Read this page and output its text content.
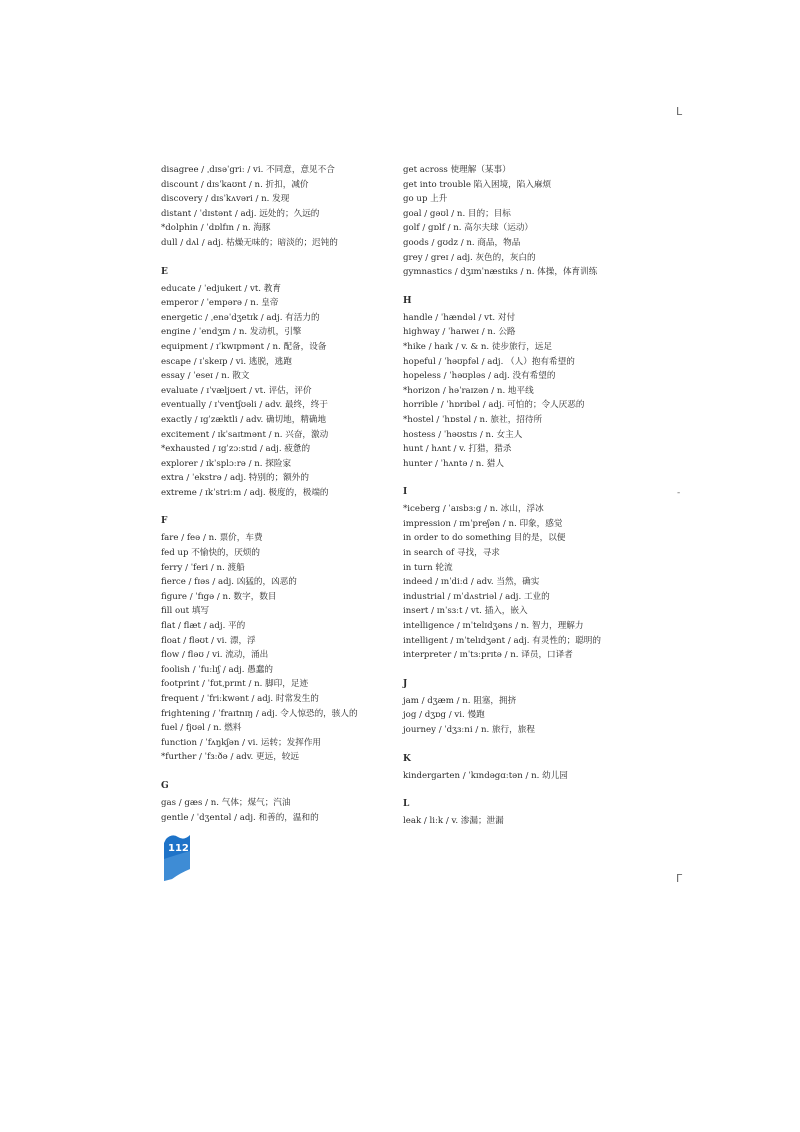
L
-
Γ
disagree / ˌdɪsəˈgriː / vi. 不同意，意见不合
discount / dɪsˈkaʊnt / n. 折扣，减价
discovery / dɪsˈkʌvəri / n. 发现
distant / ˈdɪstənt / adj. 远处的；久远的
*dolphin / ˈdɒlfɪn / n. 海豚
dull / dʌl / adj. 枯燥无味的；暗淡的；迟钝的
E
educate / ˈedjukeɪt / vt. 教育
emperor / ˈempərə / n. 皇帝
energetic / ˌenəˈdʒetɪk / adj. 有活力的
engine / ˈendʒɪn / n. 发动机，引擎
equipment / ɪˈkwɪpmənt / n. 配备，设备
escape / ɪˈskeɪp / vi. 逃脱，逃跑
essay / ˈeseɪ / n. 散文
evaluate / ɪˈvæljʊeɪt / vt. 评估，评价
eventually / ɪˈventʃʊəli / adv. 最终，终于
exactly / ɪgˈzæktli / adv. 确切地，精确地
excitement / ɪkˈsaɪtmənt / n. 兴奋，激动
*exhausted / ɪgˈzɔːstɪd / adj. 疲惫的
explorer / ɪkˈsplɔːrə / n. 探险家
extra / ˈekstrə / adj. 特别的；额外的
extreme / ɪkˈstriːm / adj. 极度的，极端的
F
fare / feə / n. 票价，车费
fed up 不愉快的，厌烦的
ferry / ˈferi / n. 渡船
fierce / fɪəs / adj. 凶猛的，凶恶的
figure / ˈfɪgə / n. 数字，数目
fill out 填写
flat / flæt / adj. 平的
float / fləʊt / vi. 漂，浮
flow / fləʊ / vi. 流动，涌出
foolish / ˈfuːlɪʃ / adj. 愚蠢的
footprint / ˈfʊtˌprɪnt / n. 脚印，足迹
frequent / ˈfriːkwənt / adj. 时常发生的
frightening / ˈfraɪtnɪŋ / adj. 令人惊恐的，骇人的
fuel / fjʊəl / n. 燃料
function / ˈfʌŋkʃən / vi. 运转；发挥作用
*further / ˈfɜːðə / adv. 更远，较远
G
gas / gæs / n. 气体；煤气；汽油
gentle / ˈdʒentəl / adj. 和善的，温和的
get across 使理解（某事）
get into trouble 陷入困境，陷入麻烦
go up 上升
goal / gəʊl / n. 目的；目标
golf / gɒlf / n. 高尔夫球（运动）
goods / gʊdz / n. 商品，物品
grey / greɪ / adj. 灰色的，灰白的
gymnastics / dʒɪmˈnæstɪks / n. 体操，体育训练
H
handle / ˈhændəl / vt. 对付
highway / ˈhaɪweɪ / n. 公路
*hike / haɪk / v. & n. 徒步旅行，远足
hopeful / ˈhəʊpfəl / adj. （人）抱有希望的
hopeless / ˈhəʊpləs / adj. 没有希望的
*horizon / həˈraɪzən / n. 地平线
horrible / ˈhɒrɪbəl / adj. 可怕的；令人厌恶的
*hostel / ˈhɒstəl / n. 旅社，招待所
hostess / ˈhəʊstɪs / n. 女主人
hunt / hʌnt / v. 打猎，猎杀
hunter / ˈhʌntə / n. 猎人
I
*iceberg / ˈaɪsbɜːg / n. 冰山，浮冰
impression / ɪmˈpreʃən / n. 印象，感觉
in order to do something 目的是，以便
in search of 寻找，寻求
in turn 轮流
indeed / ɪnˈdiːd / adv. 当然，确实
industrial / ɪnˈdʌstriəl / adj. 工业的
insert / ɪnˈsɜːt / vt. 插入，嵌入
intelligence / ɪnˈtelɪdʒəns / n. 智力，理解力
intelligent / ɪnˈtelɪdʒənt / adj. 有灵性的；聪明的
interpreter / ɪnˈtɜːprɪtə / n. 译员，口译者
J
jam / dʒæm / n. 阻塞，拥挤
jog / dʒɒg / vi. 慢跑
journey / ˈdʒɜːni / n. 旅行，旅程
K
kindergarten / ˈkɪndəgɑːtən / n. 幼儿园
L
leak / liːk / v. 渗漏；泄漏
112
